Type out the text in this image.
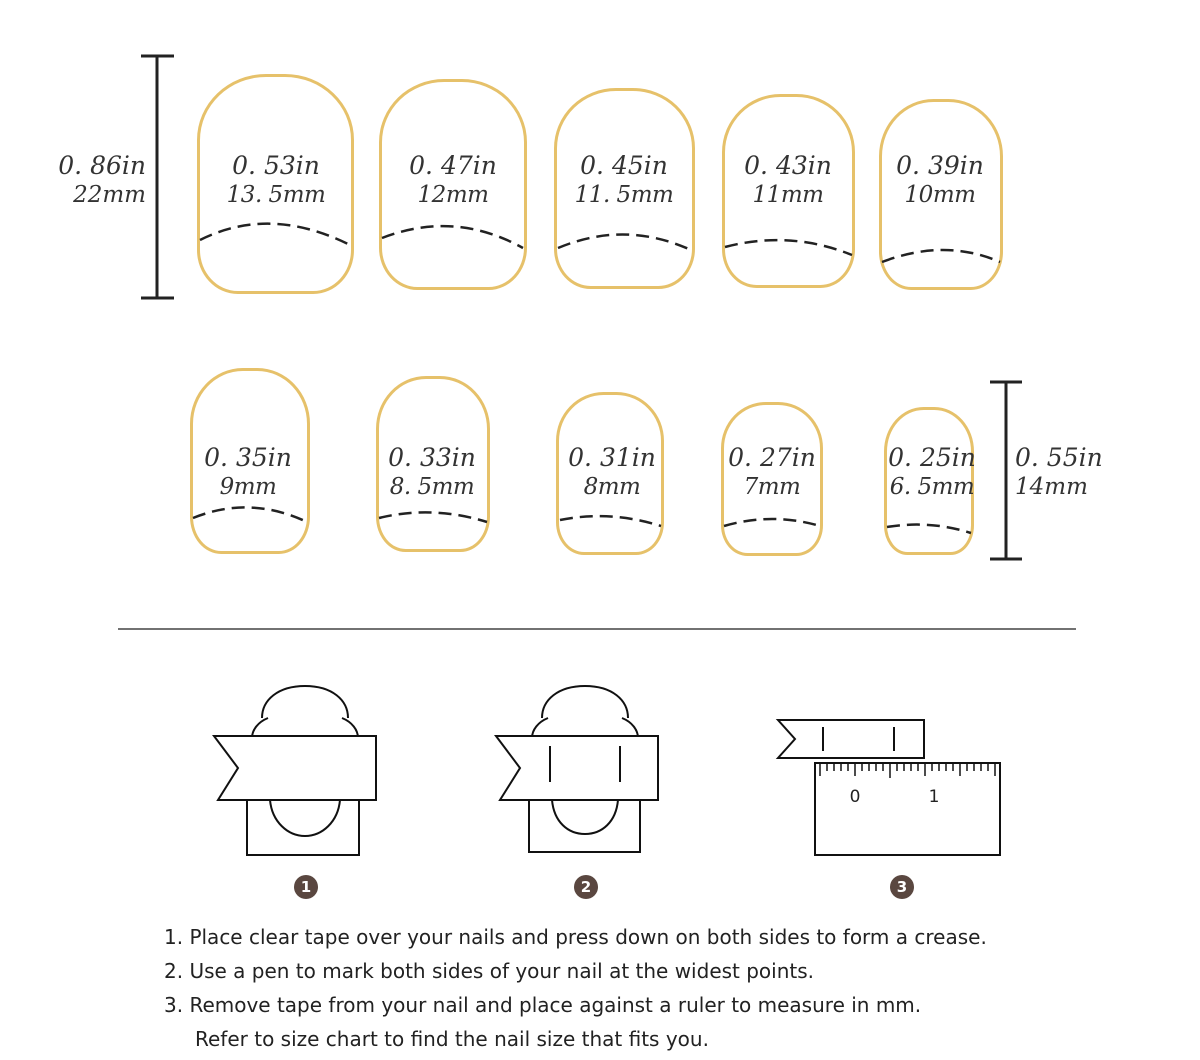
0	1
0. 53in
13. 5mm
0. 47in
12mm
0. 45in
11. 5mm
0. 43in
11mm
0. 39in
10mm
0. 35in
9mm
0. 33in
8. 5mm
0. 31in
8mm
0. 27in
7mm
0. 25in
6. 5mm
0. 86in
22mm
0. 55in
14mm
1	2	3
1. Place clear tape over your nails and press down on both sides to form a crease.
2. Use a pen to mark both sides of your nail at the widest points.
3. Remove tape from your nail and place against a ruler to measure in mm.
Refer to size chart to find the nail size that fits you.
